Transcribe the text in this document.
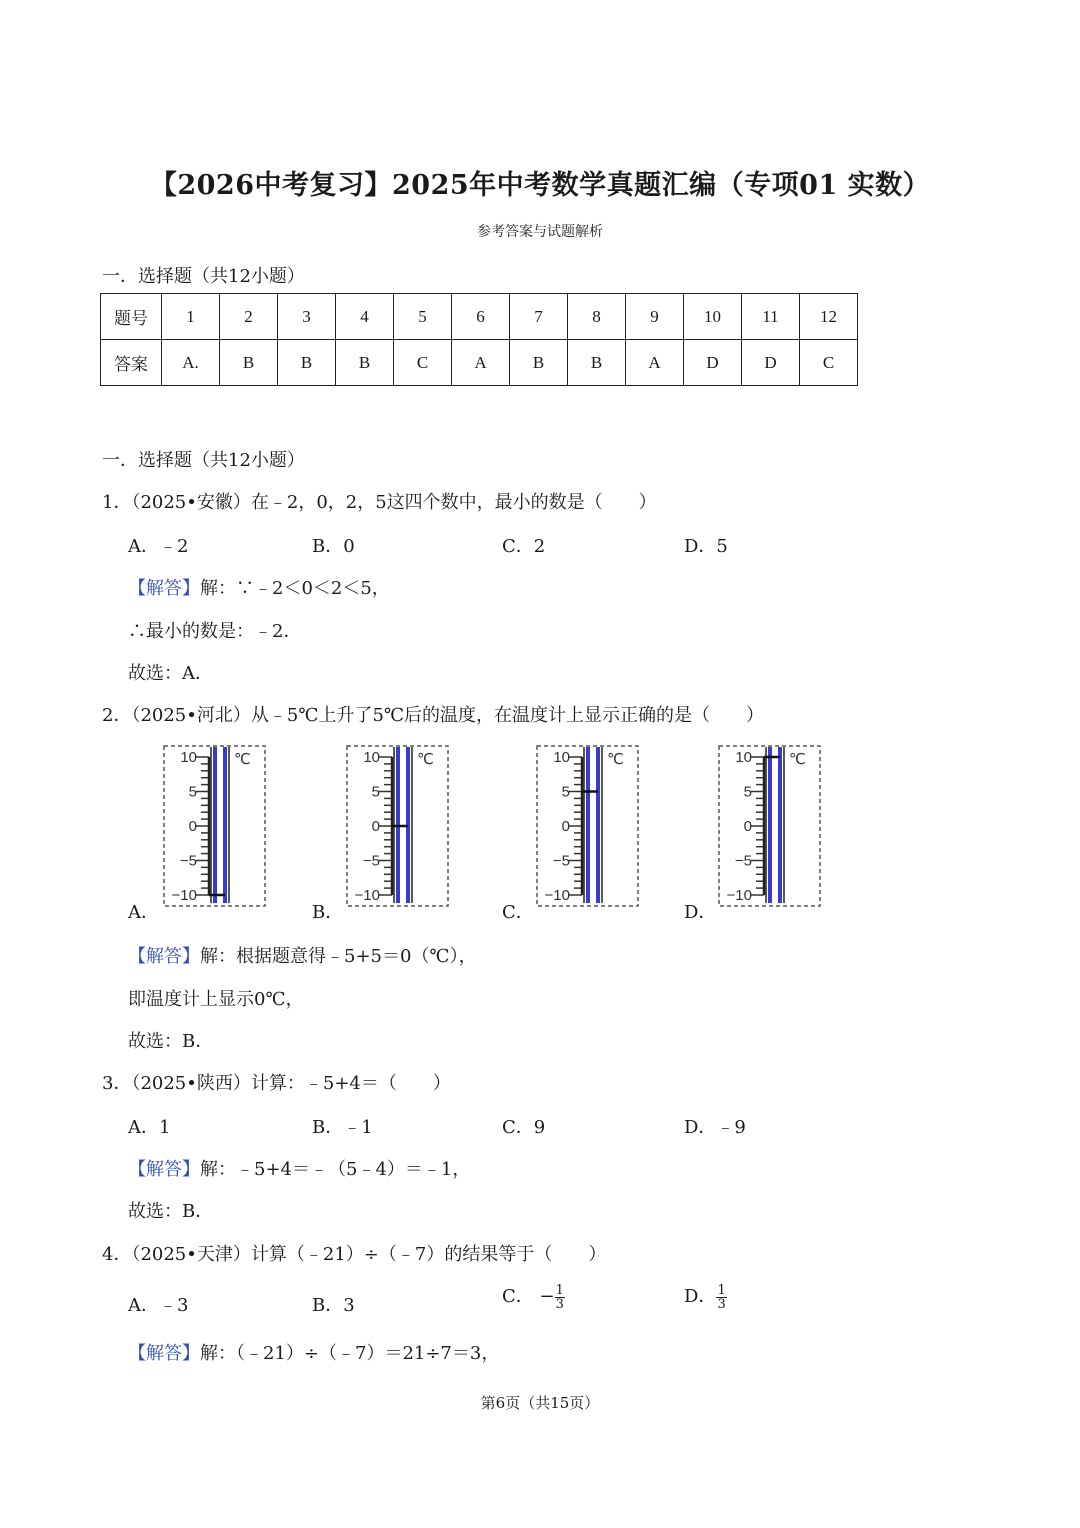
【2026中考复习】2025年中考数学真题汇编（专项01 实数）
参考答案与试题解析
一．选择题（共12小题）
题号	1	2	3	4	5	6	7	8	9	10	11	12
答案	A.	B	B	B	C	A	B	B	A	D	D	C
一．选择题（共12小题）
1．（2025•安徽）在﹣2，0，2，5这四个数中，最小的数是（　　）
A．﹣2	B．0	C．2	D．5
【解答】解：∵﹣2＜0＜2＜5，
∴最小的数是：﹣2．
故选：A．
2．（2025•河北）从﹣5℃上升了5℃后的温度，在温度计上显示正确的是（　　）
A．	B．	C．	D．
10
5
0
−5
−10
℃	10
5
0
−5
−10
℃	10
5
0
−5
−10
℃	10
5
0
−5
−10
℃
【解答】解：根据题意得﹣5+5＝0（℃），
即温度计上显示0℃，
故选：B．
3．（2025•陕西）计算：﹣5+4＝（　　）
A．1	B．﹣1	C．9	D．﹣9
【解答】解：﹣5+4＝﹣（5﹣4）＝﹣1，
故选：B．
4．（2025•天津）计算（﹣21）÷（﹣7）的结果等于（　　）
A．﹣3	B．3	C． − $\frac{1}{3}$	D． $\frac{1}{3}$
【解答】解：（﹣21）÷（﹣7）＝21÷7＝3，
第6页（共15页）
